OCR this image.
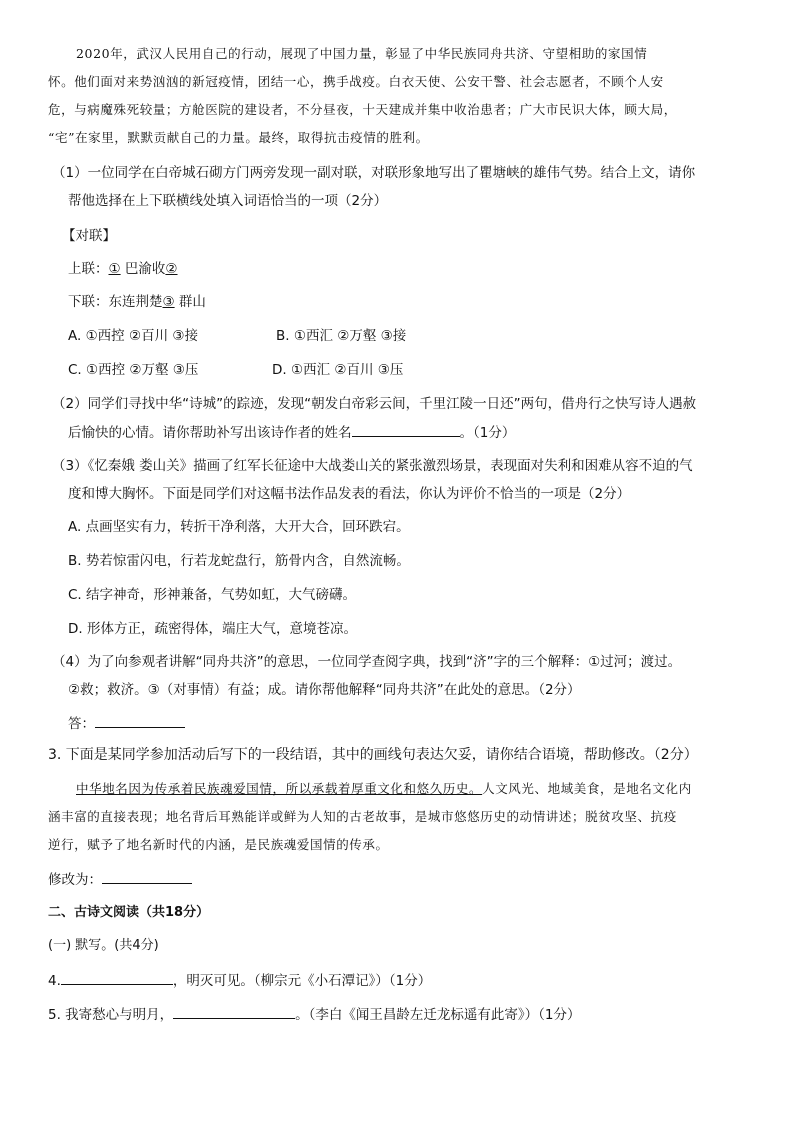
2020年，武汉人民用自己的行动，展现了中国力量，彰显了中华民族同舟共济、守望相助的家国情
怀。他们面对来势汹汹的新冠疫情，团结一心，携手战疫。白衣天使、公安干警、社会志愿者，不顾个人安
危，与病魔殊死较量；方舱医院的建设者，不分昼夜，十天建成并集中收治患者；广大市民识大体，顾大局，
“宅”在家里，默默贡献自己的力量。最终，取得抗击疫情的胜利。
（1）一位同学在白帝城石砌方门两旁发现一副对联，对联形象地写出了瞿塘峡的雄伟气势。结合上文，请你
帮他选择在上下联横线处填入词语恰当的一项（2分）
【对联】
上联：① 巴渝收②
下联：东连荆楚③ 群山
A. ①西控 ②百川 ③接	B. ①西汇 ②万壑 ③接
C. ①西控 ②万壑 ③压	D. ①西汇 ②百川 ③压
（2）同学们寻找中华“诗城”的踪迹，发现“朝发白帝彩云间，千里江陵一日还”两句，借舟行之快写诗人遇赦
后愉快的心情。请你帮助补写出该诗作者的姓名	。（1分）
（3）《忆秦娥 娄山关》描画了红军长征途中大战娄山关的紧张激烈场景，表现面对失利和困难从容不迫的气
度和博大胸怀。下面是同学们对这幅书法作品发表的看法，你认为评价不恰当的一项是（2分）
A. 点画坚实有力，转折干净利落，大开大合，回环跌宕。
B. 势若惊雷闪电，行若龙蛇盘行，筋骨内含，自然流畅。
C. 结字神奇，形神兼备，气势如虹，大气磅礴。
D. 形体方正，疏密得体，端庄大气，意境苍凉。
（4）为了向参观者讲解“同舟共济”的意思，一位同学查阅字典，找到“济”字的三个解释：①过河；渡过。
②救；救济。③（对事情）有益；成。请你帮他解释“同舟共济”在此处的意思。（2分）
答：
3. 下面是某同学参加活动后写下的一段结语，其中的画线句表达欠妥，请你结合语境，帮助修改。（2分）
中华地名因为传承着民族魂爱国情，所以承载着厚重文化和悠久历史。人文风光、地域美食，是地名文化内
涵丰富的直接表现；地名背后耳熟能详或鲜为人知的古老故事，是城市悠悠历史的动情讲述；脱贫攻坚、抗疫
逆行，赋予了地名新时代的内涵，是民族魂爱国情的传承。
修改为：
二、古诗文阅读（共18分）
(一) 默写。(共4分)
4.	，明灭可见。（柳宗元《小石潭记》）（1分）
5. 我寄愁心与明月，	。（李白《闻王昌龄左迁龙标遥有此寄》）（1分）
